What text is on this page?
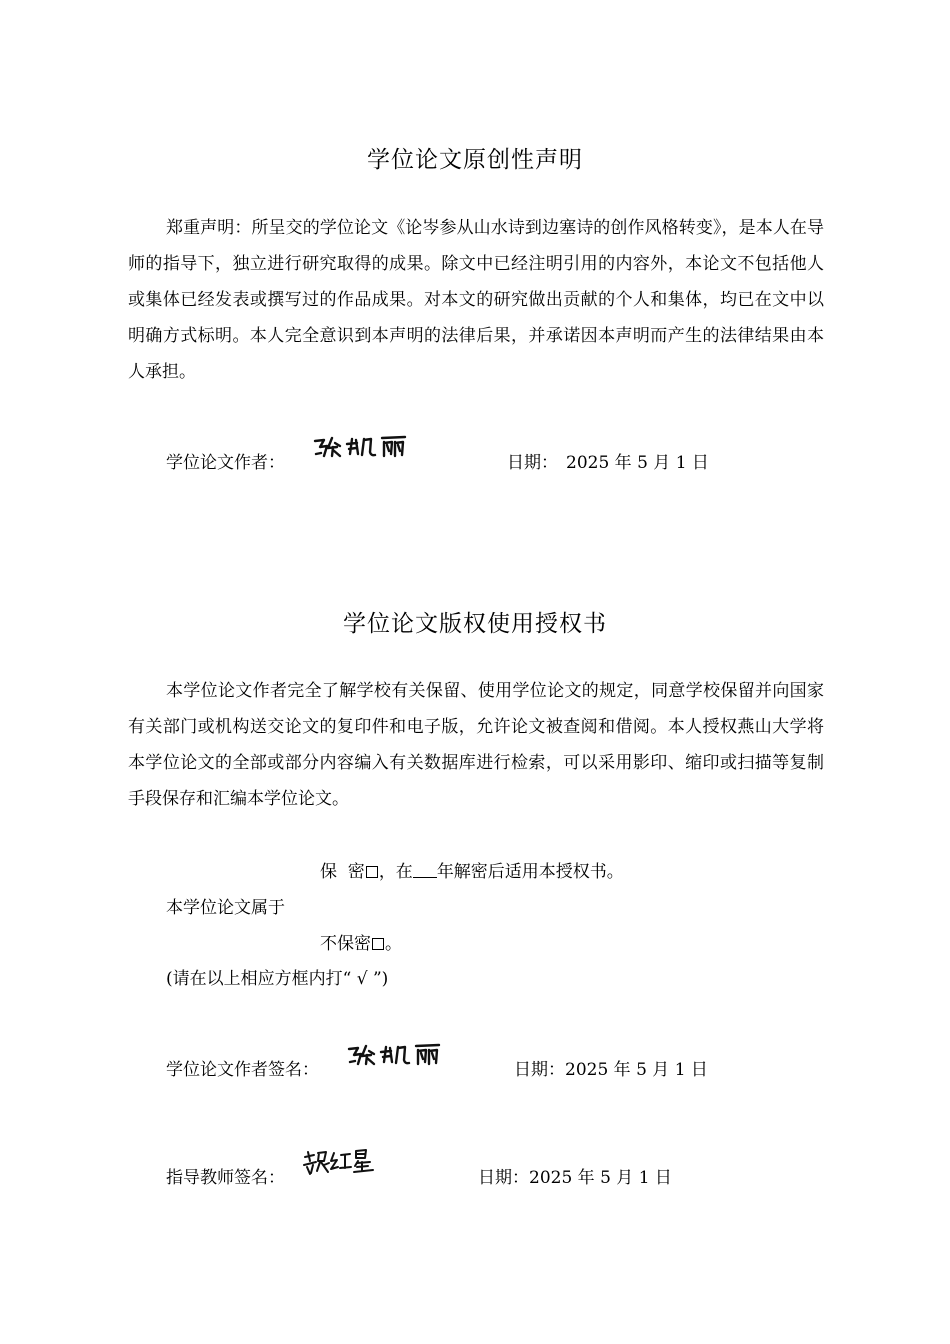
学位论文原创性声明

郑重声明：所呈交的学位论文《论岑参从山水诗到边塞诗的创作风格转变》，是本人在导师的指导下，独立进行研究取得的成果。除文中已经注明引用的内容外，本论文不包括他人或集体已经发表或撰写过的作品成果。对本文的研究做出贡献的个人和集体，均已在文中以明确方式标明。本人完全意识到本声明的法律后果，并承诺因本声明而产生的法律结果由本人承担。

学位论文作者：	日期： 2025 年 5 月 1 日
学位论文版权使用授权书

本学位论文作者完全了解学校有关保留、使用学位论文的规定，同意学校保留并向国家有关部门或机构送交论文的复印件和电子版，允许论文被查阅和借阅。本人授权燕山大学将本学位论文的全部或部分内容编入有关数据库进行检索，可以采用影印、缩印或扫描等复制手段保存和汇编本学位论文。

保  密 ，在 年解密后适用本授权书。
本学位论文属于
不保密 。
(请在以上相应方框内打“ √ ”)
学位论文作者签名：	日期：2025 年 5 月 1 日
指导教师签名：	日期：2025 年 5 月 1 日
